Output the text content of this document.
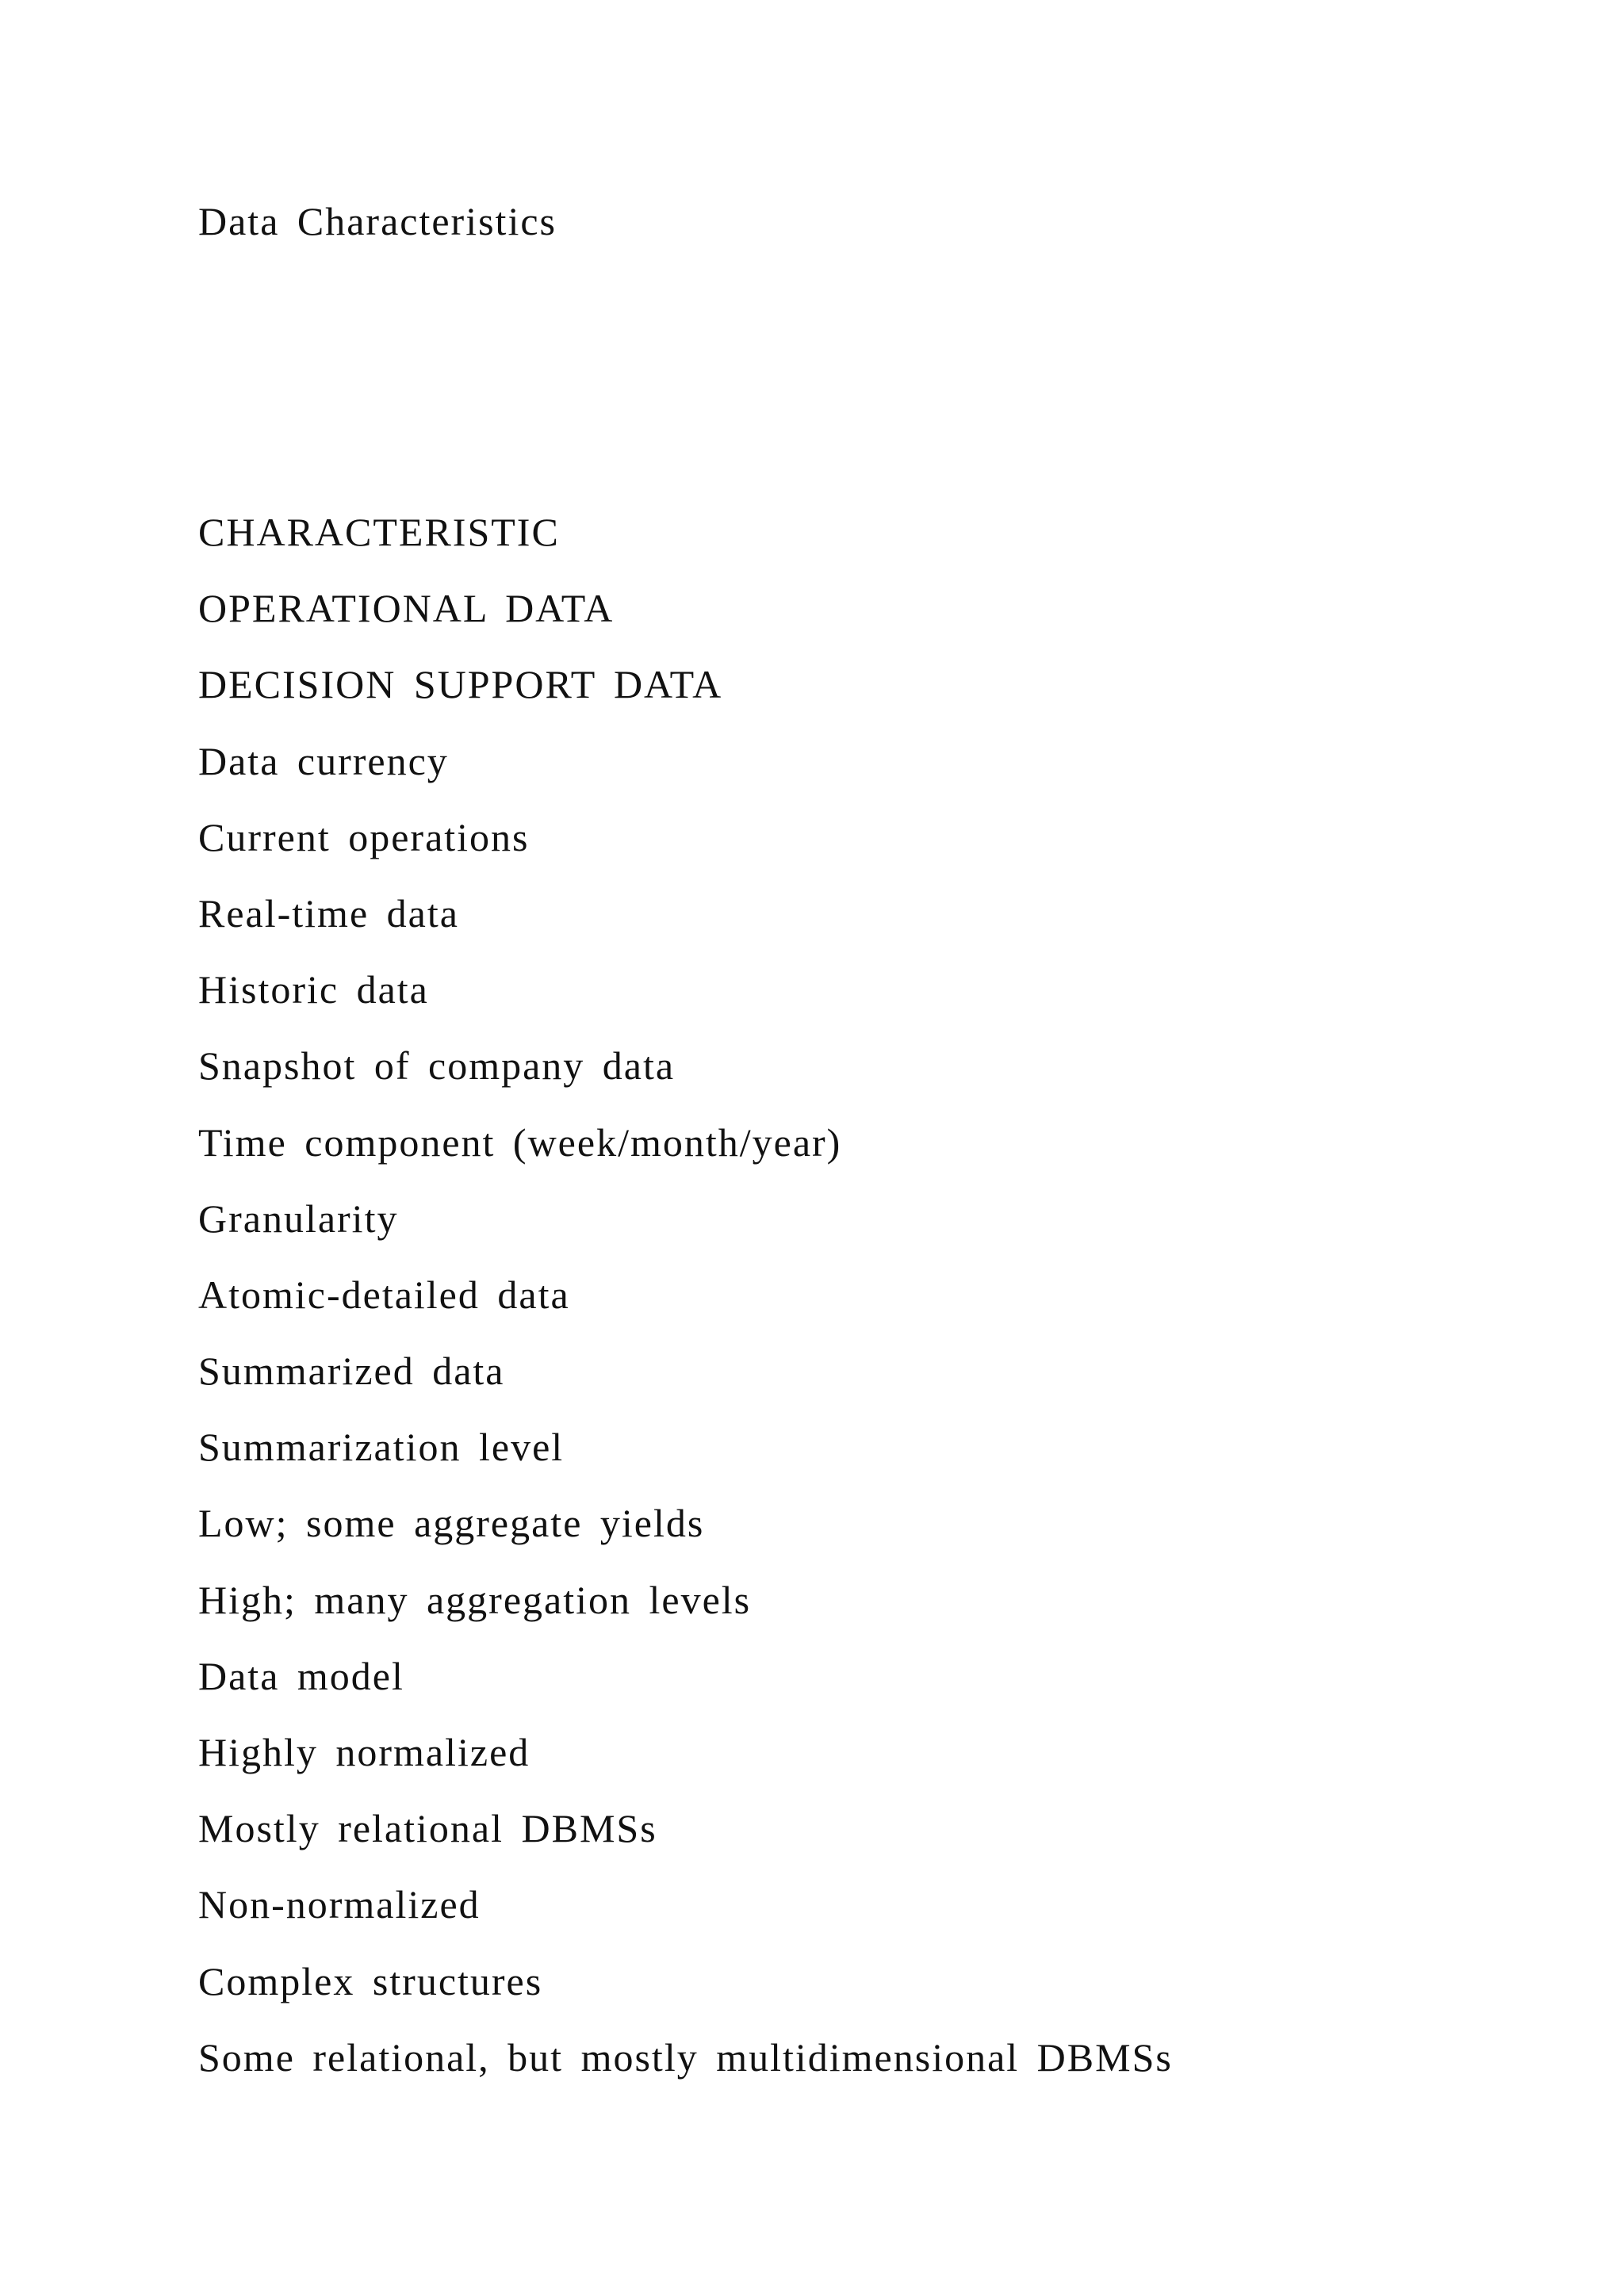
Data Characteristics
CHARACTERISTIC
OPERATIONAL DATA
DECISION SUPPORT DATA
Data currency
Current operations
Real-time data
Historic data
Snapshot of company data
Time component (week/month/year)
Granularity
Atomic-detailed data
Summarized data
Summarization level
Low; some aggregate yields
High; many aggregation levels
Data model
Highly normalized
Mostly relational DBMSs
Non-normalized
Complex structures
Some relational, but mostly multidimensional DBMSs
